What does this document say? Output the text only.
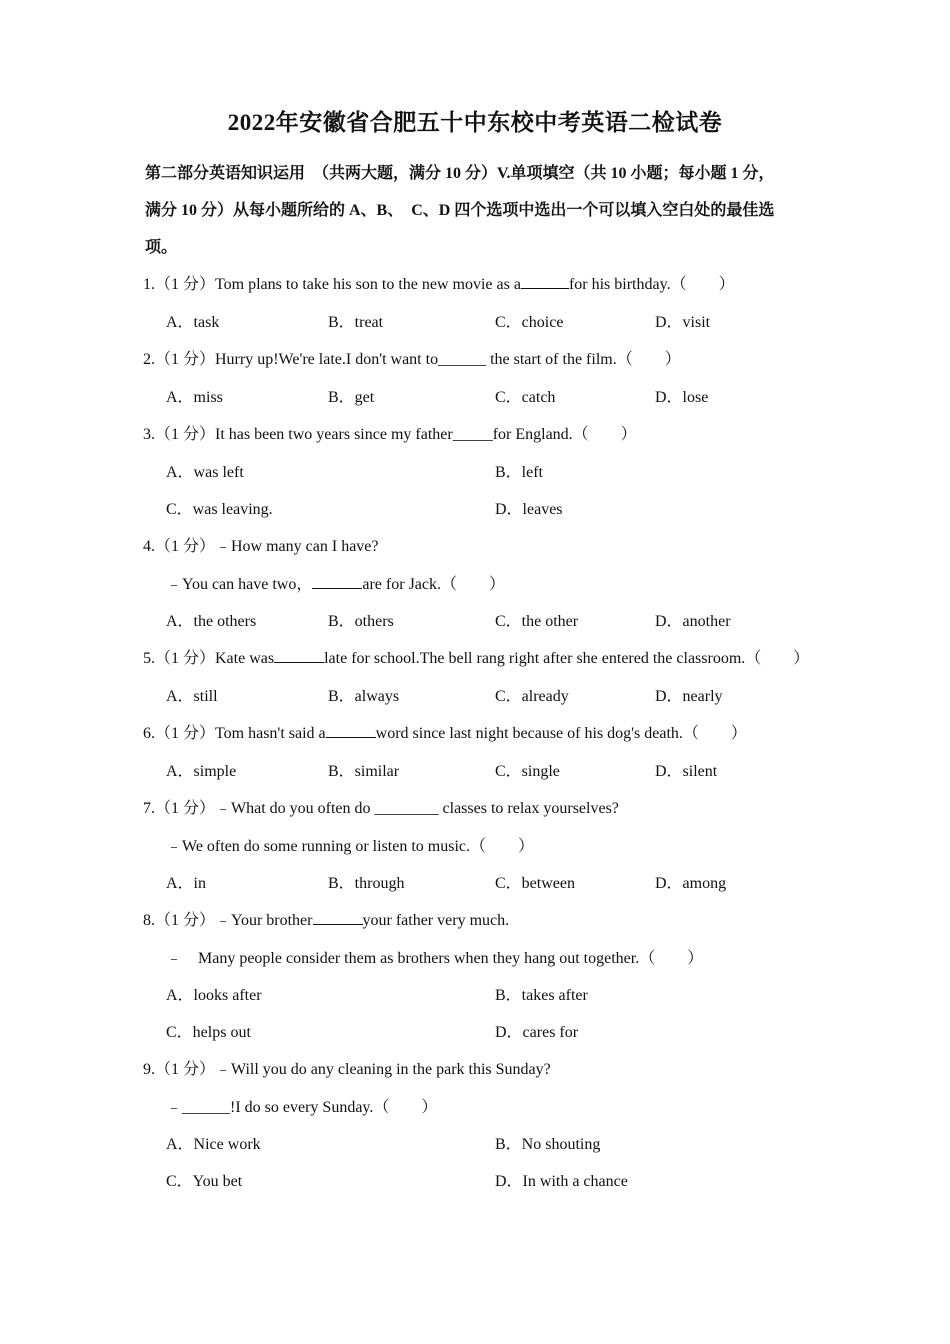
2022年安徽省合肥五十中东校中考英语二检试卷
第二部分英语知识运用　（共两大题，满分 10 分）V.单项填空（共 10 小题；每小题 1 分，
满分 10 分）从每小题所给的 A、B、　C、D 四个选项中选出一个可以填入空白处的最佳选
项。
1.（1 分）Tom plans to take his son to the new movie as a	for his birthday.（　　）
A．task	B．treat	C．choice	D．visit
2.（1 分）Hurry up!We're late.I don't want to______ the start of the film.（　　）
A．miss	B．get	C．catch	D．lose
3.（1 分）It has been two years since my father_____for England.（　　）
A．was left	B．left
C．was leaving.	D．leaves
4.（1 分）﹣How many can I have?
﹣You can have two，	are for Jack.（　　）
A．the others	B．others	C．the other	D．another
5.（1 分）Kate was	late for school.The bell rang right after she entered the classroom.（　　）
A．still	B．always	C．already	D．nearly
6.（1 分）Tom hasn't said a	word since last night because of his dog's death.（　　）
A．simple	B．similar	C．single	D．silent
7.（1 分）﹣What do you often do ________ classes to relax yourselves?
﹣We often do some running or listen to music.（　　）
A．in	B．through	C．between	D．among
8.（1 分）﹣Your brother	your father very much.
﹣　Many people consider them as brothers when they hang out together.（　　）
A．looks after	B．takes after
C．helps out	D．cares for
9.（1 分）﹣Will you do any cleaning in the park this Sunday?
﹣______!I do so every Sunday.（　　）
A．Nice work	B．No shouting
C．You bet	D．In with a chance
